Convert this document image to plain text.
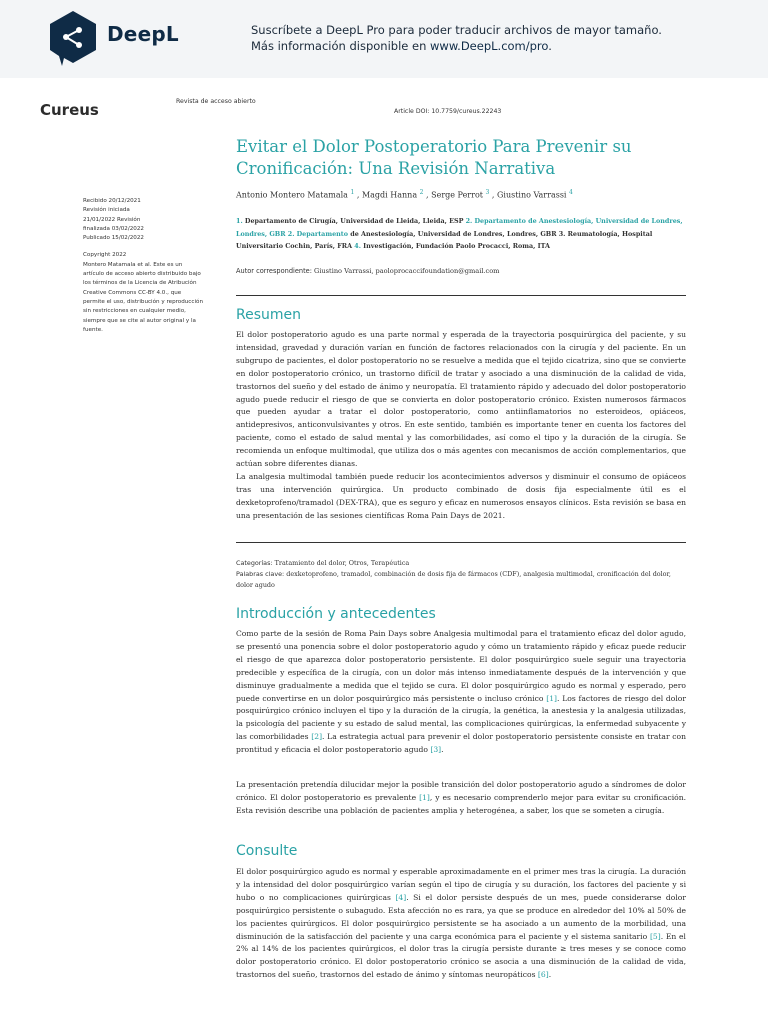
DeepL	Suscríbete a DeepL Pro para poder traducir archivos de mayor tamaño.
Más información disponible en www.DeepL.com/pro.
Cureus	Revista de acceso abierto
Article DOI: 10.7759/cureus.22243
Evitar el Dolor Postoperatorio Para Prevenir su Cronificación: Una Revisión Narrativa
Antonio Montero Matamala $^1$ , Magdi Hanna $^2$ , Serge Perrot $^3$ , Giustino Varrassi $^4$
1. Departamento de Cirugía, Universidad de Lleida, Lleida, ESP 2. Departamento de Anestesiología, Universidad de Londres, Londres, GBR 2. Departamento de Anestesiología, Universidad de Londres, Londres, GBR 3. Reumatología, Hospital Universitario Cochin, París, FRA 4. Investigación, Fundación Paolo Procacci, Roma, ITA
Autor correspondiente: Giustino Varrassi, paoloprocaccifoundation@gmail.com
Recibido 20/12/2021
Revisión iniciada
21/01/2022 Revisión
finalizada 03/02/2022
Publicado 15/02/2022
Copyright 2022
Montero Matamala et al. Este es un
artículo de acceso abierto distribuido bajo
los términos de la Licencia de Atribución
Creative Commons CC-BY 4.0., que
permite el uso, distribución y reproducción
sin restricciones en cualquier medio,
siempre que se cite al autor original y la
fuente.
Resumen

El dolor postoperatorio agudo es una parte normal y esperada de la trayectoria posquirúrgica del paciente, y su intensidad, gravedad y duración varían en función de factores relacionados con la cirugía y del paciente. En un subgrupo de pacientes, el dolor postoperatorio no se resuelve a medida que el tejido cicatriza, sino que se convierte en dolor postoperatorio crónico, un trastorno difícil de tratar y asociado a una disminución de la calidad de vida, trastornos del sueño y del estado de ánimo y neuropatía. El tratamiento rápido y adecuado del dolor postoperatorio agudo puede reducir el riesgo de que se convierta en dolor postoperatorio crónico. Existen numerosos fármacos que pueden ayudar a tratar el dolor postoperatorio, como antiinflamatorios no esteroideos, opiáceos, antidepresivos, anticonvulsivantes y otros. En este sentido, también es importante tener en cuenta los factores del paciente, como el estado de salud mental y las comorbilidades, así como el tipo y la duración de la cirugía. Se recomienda un enfoque multimodal, que utiliza dos o más agentes con mecanismos de acción complementarios, que actúan sobre diferentes dianas.

La analgesia multimodal también puede reducir los acontecimientos adversos y disminuir el consumo de opiáceos tras una intervención quirúrgica. Un producto combinado de dosis fija especialmente útil es el dexketoprofeno/tramadol (DEX-TRA), que es seguro y eficaz en numerosos ensayos clínicos. Esta revisión se basa en una presentación de las sesiones científicas Roma Pain Days de 2021.

Categorías: Tratamiento del dolor, Otros, Terapéutica
Palabras clave: dexketoprofeno, tramadol, combinación de dosis fija de fármacos (CDF), analgesia multimodal, cronificación del dolor, dolor agudo
Introducción y antecedentes

Como parte de la sesión de Roma Pain Days sobre Analgesia multimodal para el tratamiento eficaz del dolor agudo, se presentó una ponencia sobre el dolor postoperatorio agudo y cómo un tratamiento rápido y eficaz puede reducir el riesgo de que aparezca dolor postoperatorio persistente. El dolor posquirúrgico suele seguir una trayectoria predecible y específica de la cirugía, con un dolor más intenso inmediatamente después de la intervención y que disminuye gradualmente a medida que el tejido se cura. El dolor posquirúrgico agudo es normal y esperado, pero puede convertirse en un dolor posquirúrgico más persistente o incluso crónico [1]. Los factores de riesgo del dolor posquirúrgico crónico incluyen el tipo y la duración de la cirugía, la genética, la anestesia y la analgesia utilizadas, la psicología del paciente y su estado de salud mental, las complicaciones quirúrgicas, la enfermedad subyacente y las comorbilidades [2]. La estrategia actual para prevenir el dolor postoperatorio persistente consiste en tratar con prontitud y eficacia el dolor postoperatorio agudo [3].

La presentación pretendía dilucidar mejor la posible transición del dolor postoperatorio agudo a síndromes de dolor crónico. El dolor postoperatorio es prevalente [1], y es necesario comprenderlo mejor para evitar su cronificación. Esta revisión describe una población de pacientes amplia y heterogénea, a saber, los que se someten a cirugía.

Consulte

El dolor posquirúrgico agudo es normal y esperable aproximadamente en el primer mes tras la cirugía. La duración y la intensidad del dolor posquirúrgico varían según el tipo de cirugía y su duración, los factores del paciente y si hubo o no complicaciones quirúrgicas [4]. Si el dolor persiste después de un mes, puede considerarse dolor posquirúrgico persistente o subagudo. Esta afección no es rara, ya que se produce en alrededor del 10% al 50% de los pacientes quirúrgicos. El dolor posquirúrgico persistente se ha asociado a un aumento de la morbilidad, una disminución de la satisfacción del paciente y una carga económica para el paciente y el sistema sanitario [5]. En el 2% al 14% de los pacientes quirúrgicos, el dolor tras la cirugía persiste durante ≥ tres meses y se conoce como dolor postoperatorio crónico. El dolor postoperatorio crónico se asocia a una disminución de la calidad de vida, trastornos del sueño, trastornos del estado de ánimo y síntomas neuropáticos [6].
